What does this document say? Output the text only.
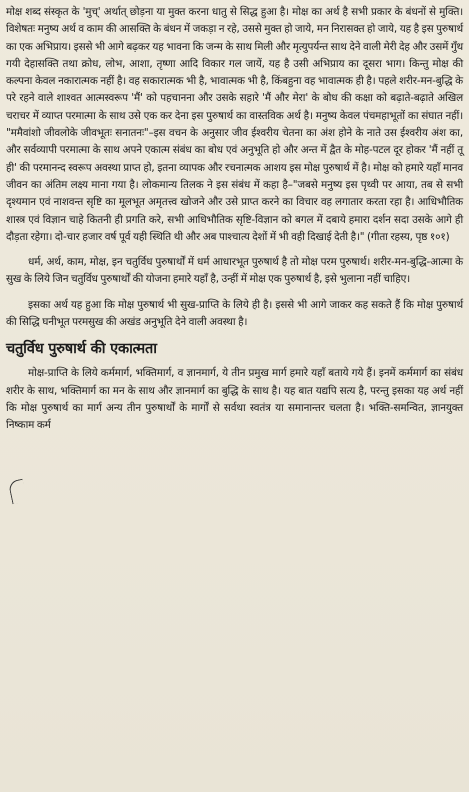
मोक्ष शब्द संस्कृत के 'मुच्' अर्थात् छोड़ना या मुक्त करना धातु से सिद्ध हुआ है। मोक्ष का अर्थ है सभी प्रकार के बंधनों से मुक्ति। विशेषतः मनुष्य अर्थ व काम की आसक्ति के बंधन में जकड़ा न रहे, उससे मुक्त हो जाये, मन निरासक्त हो जाये, यह है इस पुरुषार्थ का एक अभिप्राय। इससे भी आगे बढ़कर यह भावना कि जन्म के साथ मिली और मृत्युपर्यन्त साथ देने वाली मेरी देह और उसमें गुँथ गयी देहासक्ति तथा क्रोध, लोभ, आशा, तृष्णा आदि विकार गल जायें, यह है उसी अभिप्राय का दूसरा भाग। किन्तु मोक्ष की कल्पना केवल नकारात्मक नहीं है। वह सकारात्मक भी है, भावात्मक भी है, किंबहुना वह भावात्मक ही है। पहले शरीर-मन-बुद्धि के परे रहने वाले शाश्वत आत्मस्वरूप 'मैं' को पहचानना और उसके सहारे 'मैं और मेरा' के बोध की कक्षा को बढ़ाते-बढ़ाते अखिल चराचर में व्याप्त परमात्मा के साथ उसे एक कर देना इस पुरुषार्थ का वास्तविक अर्थ है। मनुष्य केवल पंचमहाभूतों का संघात नहीं। "ममैवांशो जीवलोके जीवभूतः सनातनः"–इस वचन के अनुसार जीव ईश्वरीय चेतना का अंश होने के नाते उस ईश्वरीय अंश का, और सर्वव्यापी परमात्मा के साथ अपने एकात्म संबंध का बोध एवं अनुभूति हो और अन्त में द्वैत के मोह-पटल दूर होकर 'मैं नहीं तू ही' की परमानन्द स्वरूप अवस्था प्राप्त हो, इतना व्यापक और रचनात्मक आशय इस मोक्ष पुरुषार्थ में है। मोक्ष को हमारे यहाँ मानव जीवन का अंतिम लक्ष्य माना गया है। लोकमान्य तिलक ने इस संबंध में कहा है–"जबसे मनुष्य इस पृथ्वी पर आया, तब से सभी दृश्यमान एवं नाशवन्त सृष्टि का मूलभूत अमृतत्त्व खोजने और उसे प्राप्त करने का विचार वह लगातार करता रहा है। आधिभौतिक शास्त्र एवं विज्ञान चाहे कितनी ही प्रगति करे, सभी आधिभौतिक सृष्टि-विज्ञान को बगल में दबाये हमारा दर्शन सदा उसके आगे ही दौड़ता रहेगा। दो-चार हजार वर्ष पूर्व यही स्थिति थी और अब पाश्चात्य देशों में भी वही दिखाई देती है।" (गीता रहस्य, पृष्ठ १०१)

धर्म, अर्थ, काम, मोक्ष, इन चतुर्विध पुरुषार्थों में धर्म आधारभूत पुरुषार्थ है तो मोक्ष परम पुरुषार्थ। शरीर-मन-बुद्धि-आत्मा के सुख के लिये जिन चतुर्विध पुरुषार्थों की योजना हमारे यहाँ है, उन्हीं में मोक्ष एक पुरुषार्थ है, इसे भुलाना नहीं चाहिए।

इसका अर्थ यह हुआ कि मोक्ष पुरुषार्थ भी सुख-प्राप्ति के लिये ही है। इससे भी आगे जाकर कह सकते हैं कि मोक्ष पुरुषार्थ की सिद्धि घनीभूत परमसुख की अखंड अनुभूति देने वाली अवस्था है।

चतुर्विध पुरुषार्थ की एकात्मता

मोक्ष-प्राप्ति के लिये कर्ममार्ग, भक्तिमार्ग, व ज्ञानमार्ग, ये तीन प्रमुख मार्ग हमारे यहाँ बताये गये हैं। इनमें कर्ममार्ग का संबंध शरीर के साथ, भक्तिमार्ग का मन के साथ और ज्ञानमार्ग का बुद्धि के साथ है। यह बात यद्यपि सत्य है, परन्तु इसका यह अर्थ नहीं कि मोक्ष पुरुषार्थ का मार्ग अन्य तीन पुरुषार्थों के मार्गों से सर्वथा स्वतंत्र या समानान्तर चलता है। भक्ति-समन्वित, ज्ञानयुक्त निष्काम कर्म
